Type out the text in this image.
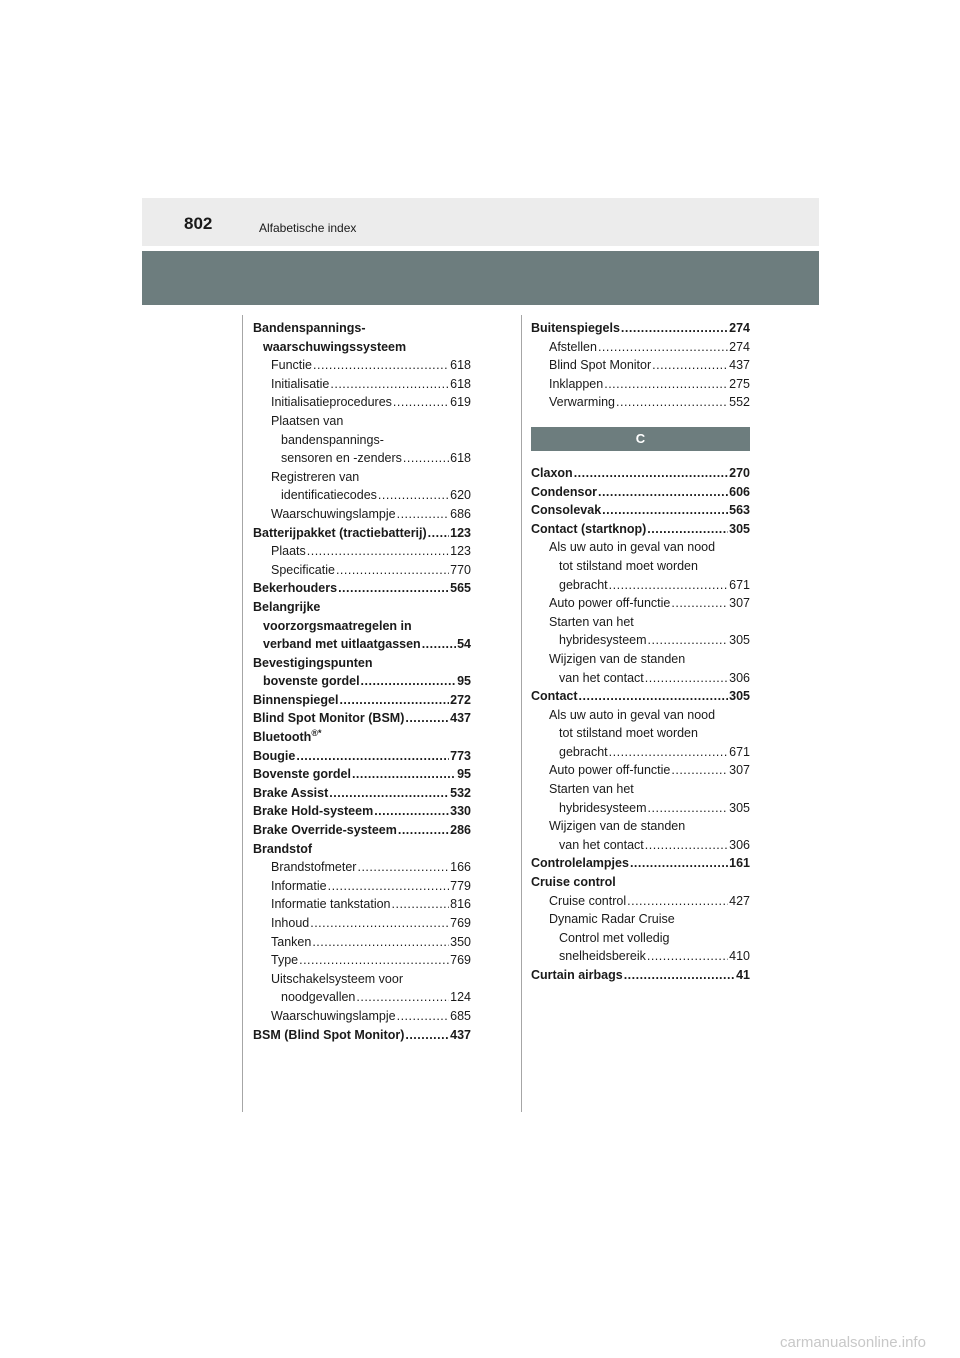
802	Alfabetische index
Bandenspannings-
waarschuwingssysteem
Functie .....	618
Initialisatie .....	618
Initialisatieprocedures .....	619
Plaatsen van
bandenspannings-
sensoren en -zenders .....	618
Registreren van
identificatiecodes .....	620
Waarschuwingslampje .....	686
Batterijpakket (tractiebatterij) ..... 123
Plaats .....	123
Specificatie .....	770
Bekerhouders .....	565
Belangrijke
voorzorgsmaatregelen in
verband met uitlaatgassen .....	54
Bevestigingspunten
bovenste gordel .....	95
Binnenspiegel .....	272
Blind Spot Monitor (BSM) .....	437
Bluetooth®*
Bougie .....	773
Bovenste gordel .....	95
Brake Assist .....	532
Brake Hold-systeem .....	330
Brake Override-systeem .....	286
Brandstof
Brandstofmeter .....	166
Informatie .....	779
Informatie tankstation .....	816
Inhoud .....	769
Tanken .....	350
Type .....	769
Uitschakelsysteem voor
noodgevallen .....	124
Waarschuwingslampje .....	685
BSM (Blind Spot Monitor) .....	437
Buitenspiegels .....	274
Afstellen .....	274
Blind Spot Monitor .....	437
Inklappen .....	275
Verwarming .....	552
C
Claxon .....	270
Condensor .....	606
Consolevak .....	563
Contact (startknop) .....	305
Als uw auto in geval van nood
tot stilstand moet worden
gebracht .....	671
Auto power off-functie .....	307
Starten van het
hybridesysteem .....	305
Wijzigen van de standen
van het contact .....	306
Contact .....	305
Als uw auto in geval van nood
tot stilstand moet worden
gebracht .....	671
Auto power off-functie .....	307
Starten van het
hybridesysteem .....	305
Wijzigen van de standen
van het contact .....	306
Controlelampjes .....	161
Cruise control
Cruise control .....	427
Dynamic Radar Cruise
Control met volledig
snelheidsbereik .....	410
Curtain airbags .....	41
carmanualsonline.info
